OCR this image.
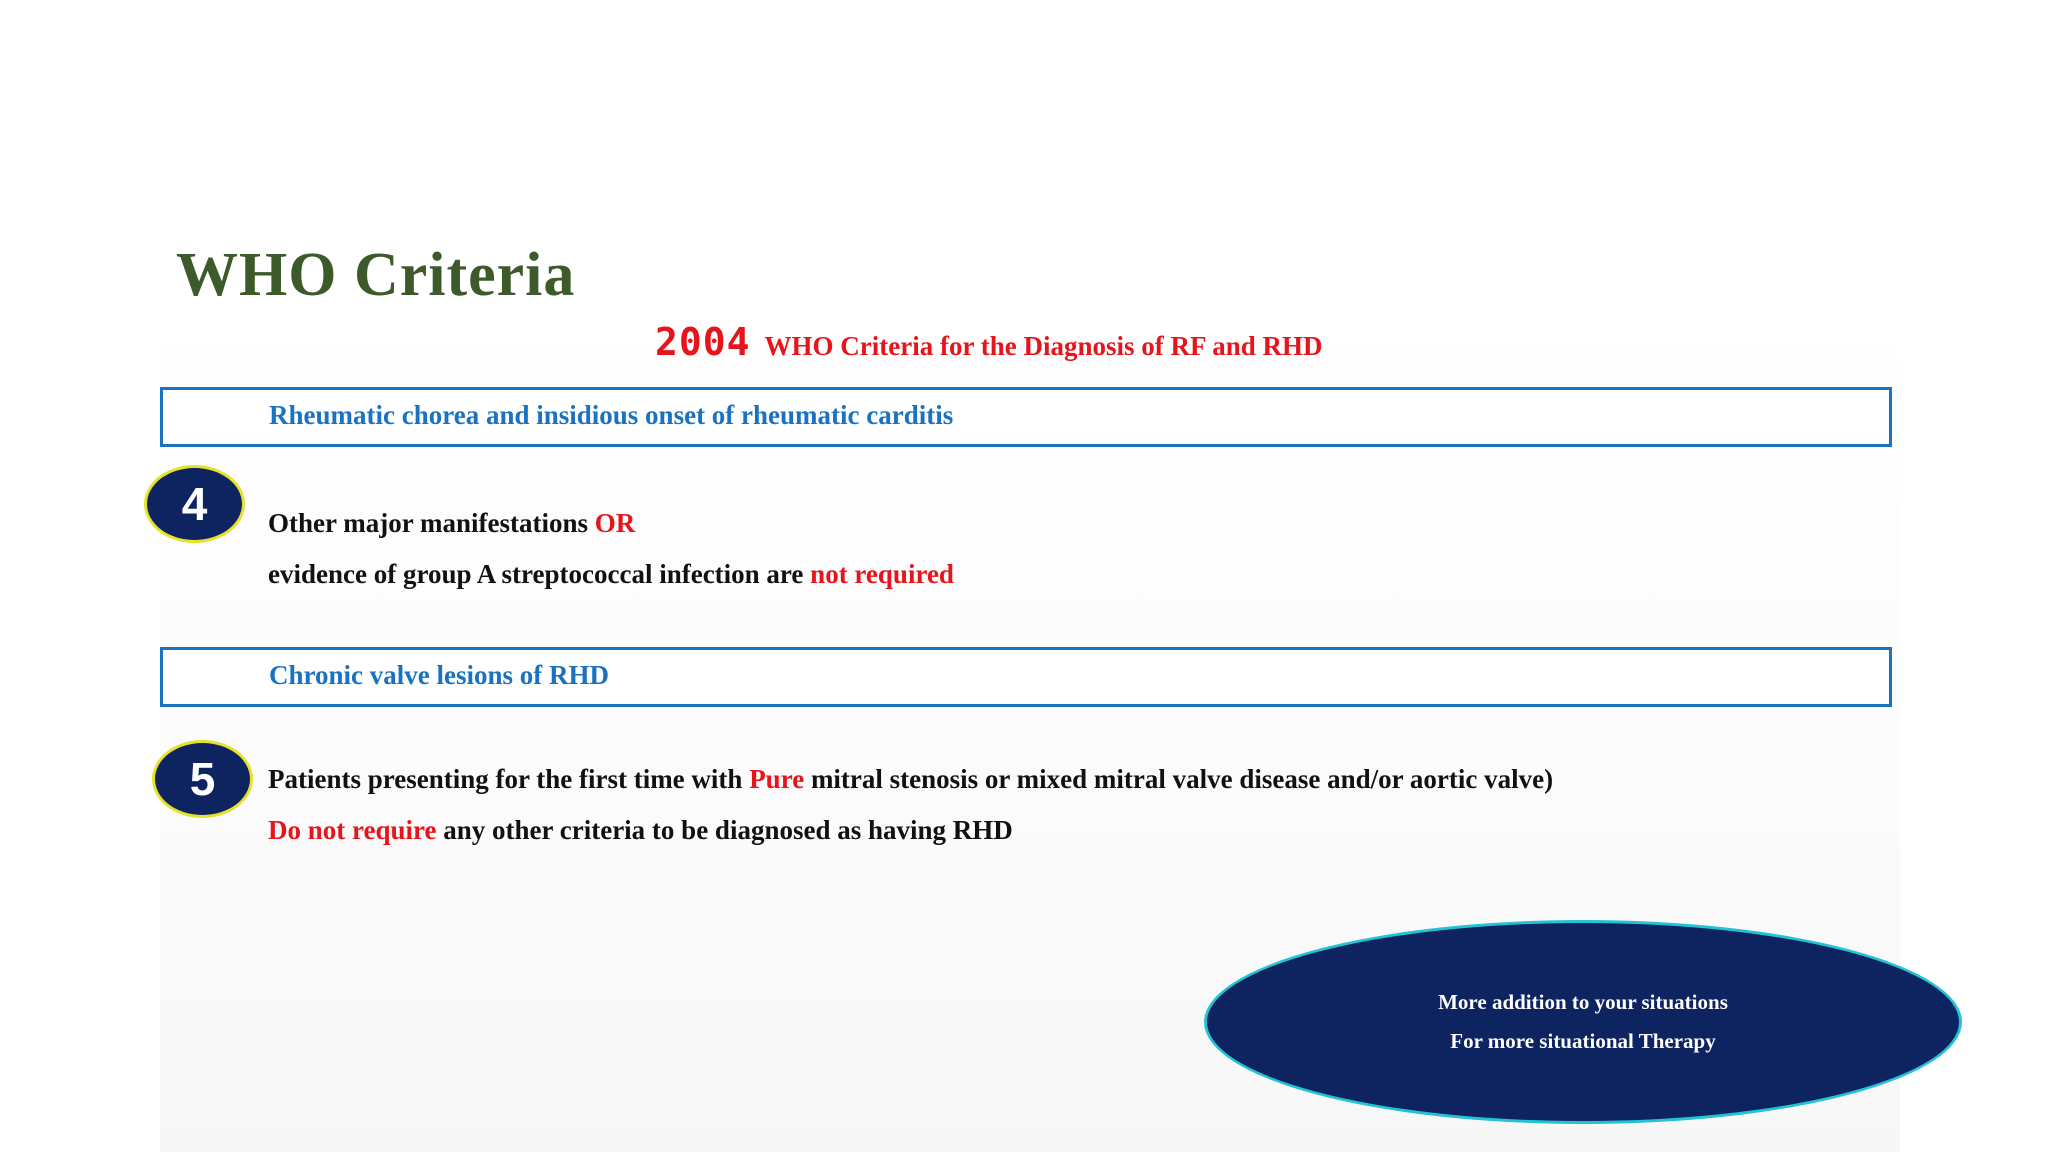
WHO Criteria
2004 WHO Criteria for the Diagnosis of RF and RHD
Rheumatic chorea and insidious onset of rheumatic carditis
4	Other major manifestations OR
evidence of group A streptococcal infection are not required
Chronic valve lesions of RHD
5	Patients presenting for the first time with Pure mitral stenosis or mixed mitral valve disease and/or aortic valve)
Do not require any other criteria to be diagnosed as having RHD
More addition to your situations
For more situational Therapy
